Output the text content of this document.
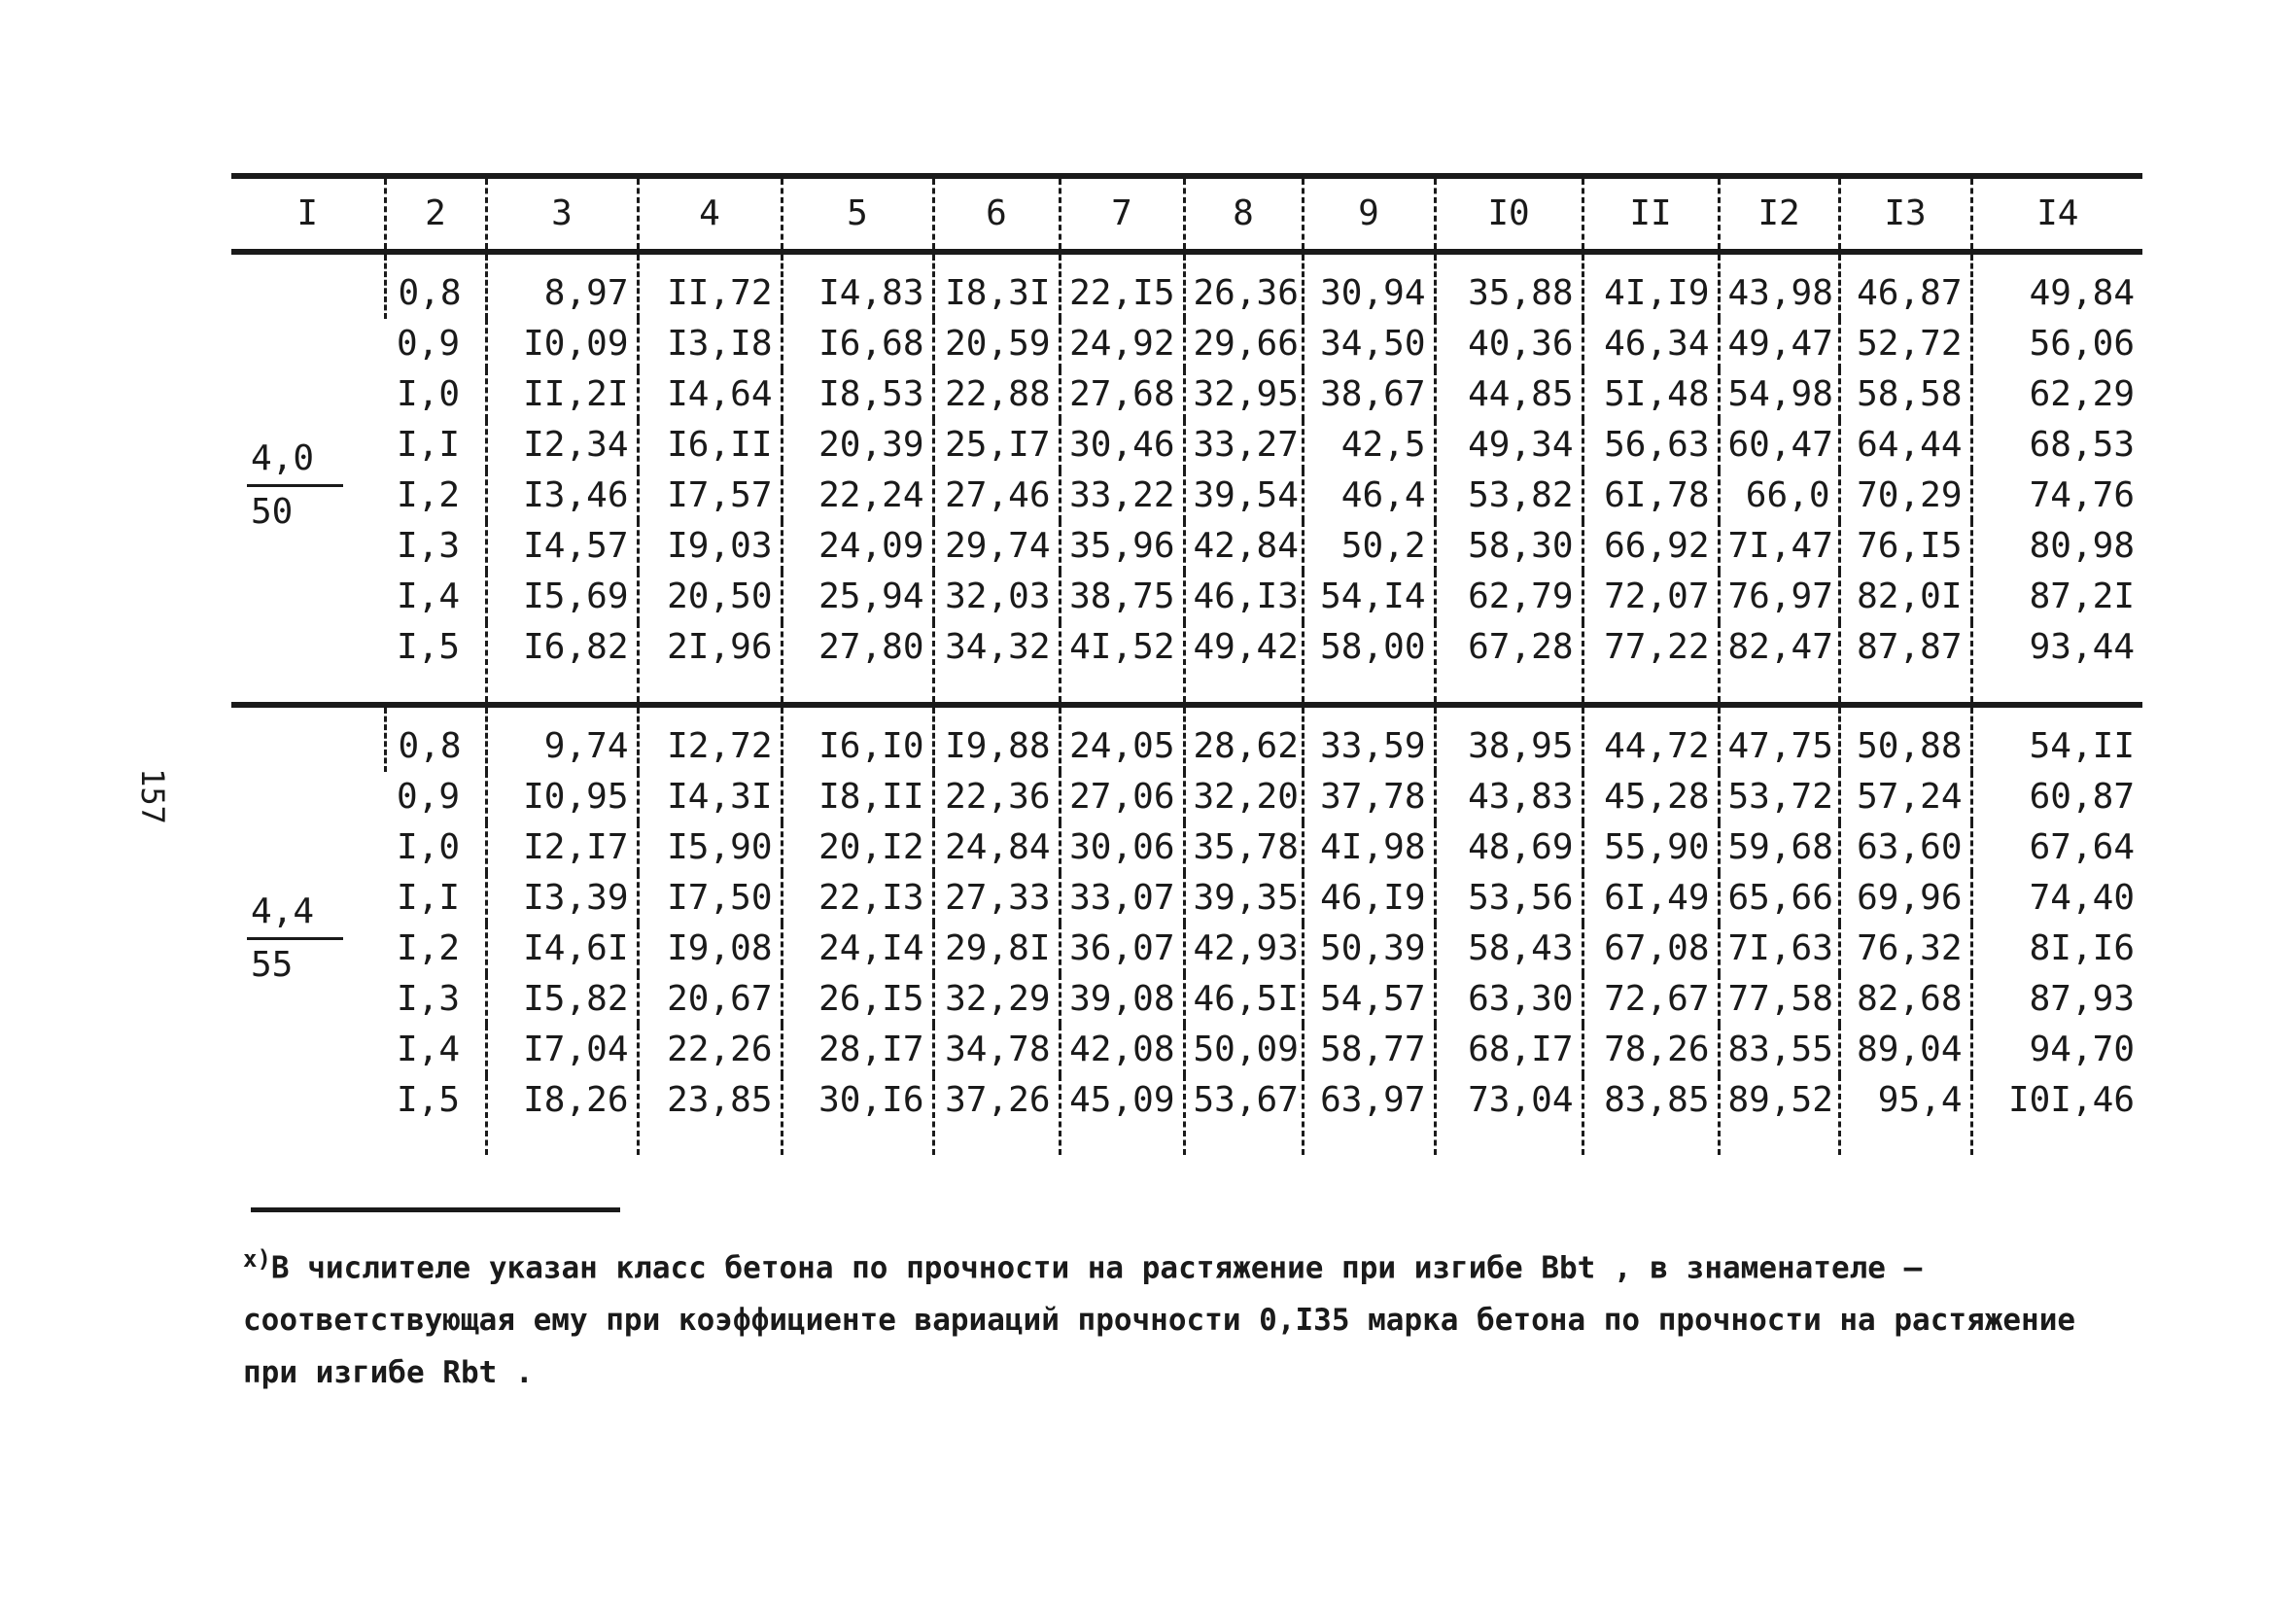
157
I	2	3	4	5	6	7	8	9	I0	II	I2	I3	I4
4,0
50	0,8	8,97	II,72	I4,83	I8,3I	22,I5	26,36	30,94	35,88	4I,I9	43,98	46,87	49,84
	0,9	I0,09	I3,I8	I6,68	20,59	24,92	29,66	34,50	40,36	46,34	49,47	52,72	56,06
	I,0	II,2I	I4,64	I8,53	22,88	27,68	32,95	38,67	44,85	5I,48	54,98	58,58	62,29
	I,I	I2,34	I6,II	20,39	25,I7	30,46	33,27	42,5	49,34	56,63	60,47	64,44	68,53
	I,2	I3,46	I7,57	22,24	27,46	33,22	39,54	46,4	53,82	6I,78	66,0	70,29	74,76
	I,3	I4,57	I9,03	24,09	29,74	35,96	42,84	50,2	58,30	66,92	7I,47	76,I5	80,98
	I,4	I5,69	20,50	25,94	32,03	38,75	46,I3	54,I4	62,79	72,07	76,97	82,0I	87,2I
	I,5	I6,82	2I,96	27,80	34,32	4I,52	49,42	58,00	67,28	77,22	82,47	87,87	93,44
4,4
55	0,8	9,74	I2,72	I6,I0	I9,88	24,05	28,62	33,59	38,95	44,72	47,75	50,88	54,II
	0,9	I0,95	I4,3I	I8,II	22,36	27,06	32,20	37,78	43,83	45,28	53,72	57,24	60,87
	I,0	I2,I7	I5,90	20,I2	24,84	30,06	35,78	4I,98	48,69	55,90	59,68	63,60	67,64
	I,I	I3,39	I7,50	22,I3	27,33	33,07	39,35	46,I9	53,56	6I,49	65,66	69,96	74,40
	I,2	I4,6I	I9,08	24,I4	29,8I	36,07	42,93	50,39	58,43	67,08	7I,63	76,32	8I,I6
	I,3	I5,82	20,67	26,I5	32,29	39,08	46,5I	54,57	63,30	72,67	77,58	82,68	87,93
	I,4	I7,04	22,26	28,I7	34,78	42,08	50,09	58,77	68,I7	78,26	83,55	89,04	94,70
	I,5	I8,26	23,85	30,I6	37,26	45,09	53,67	63,97	73,04	83,85	89,52	95,4	I0I,46
$^{x)}$В числителе указан класс бетона по прочности на растяжение при изгибе Bbt , в знаменателе – соответствующая ему при коэффициенте вариаций прочности 0,I35 марка бетона по прочности на растяжение при изгибе Rbt .
